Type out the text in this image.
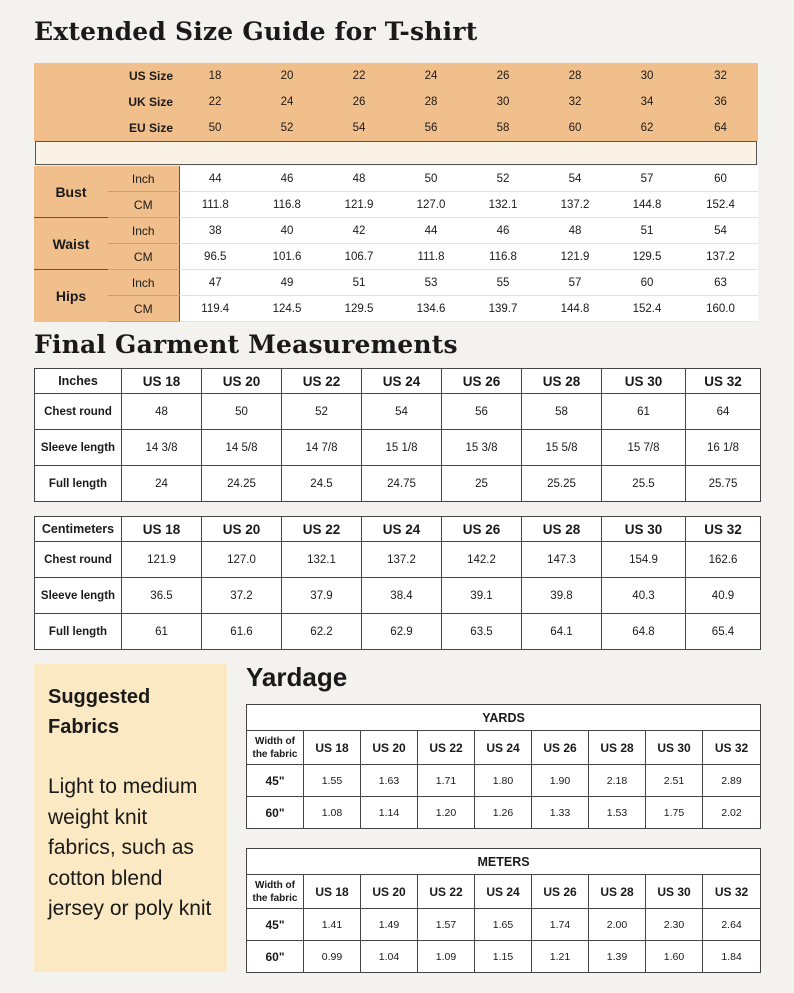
Extended Size Guide for T-shirt
US Size	18	20	22	24	26	28	30	32
UK Size	22	24	26	28	30	32	34	36
EU Size	50	52	54	56	58	60	62	64
Bust	Inch	44	46	48	50	52	54	57	60
	CM	111.8	116.8	121.9	127.0	132.1	137.2	144.8	152.4
Waist	Inch	38	40	42	44	46	48	51	54
	CM	96.5	101.6	106.7	111.8	116.8	121.9	129.5	137.2
Hips	Inch	47	49	51	53	55	57	60	63
	CM	119.4	124.5	129.5	134.6	139.7	144.8	152.4	160.0
Final Garment Measurements
Inches	US 18	US 20	US 22	US 24	US 26	US 28	US 30	US 32
Chest round	48	50	52	54	56	58	61	64
Sleeve length	14 3/8	14 5/8	14 7/8	15 1/8	15 3/8	15 5/8	15 7/8	16 1/8
Full length	24	24.25	24.5	24.75	25	25.25	25.5	25.75
Centimeters	US 18	US 20	US 22	US 24	US 26	US 28	US 30	US 32
Chest round	121.9	127.0	132.1	137.2	142.2	147.3	154.9	162.6
Sleeve length	36.5	37.2	37.9	38.4	39.1	39.8	40.3	40.9
Full length	61	61.6	62.2	62.9	63.5	64.1	64.8	65.4
Suggested Fabrics
Light to medium weight knit fabrics, such as cotton blend jersey or poly knit
Yardage
YARDS								
Width of the fabric	US 18	US 20	US 22	US 24	US 26	US 28	US 30	US 32
45"	1.55	1.63	1.71	1.80	1.90	2.18	2.51	2.89
60"	1.08	1.14	1.20	1.26	1.33	1.53	1.75	2.02
METERS								
Width of the fabric	US 18	US 20	US 22	US 24	US 26	US 28	US 30	US 32
45"	1.41	1.49	1.57	1.65	1.74	2.00	2.30	2.64
60"	0.99	1.04	1.09	1.15	1.21	1.39	1.60	1.84
